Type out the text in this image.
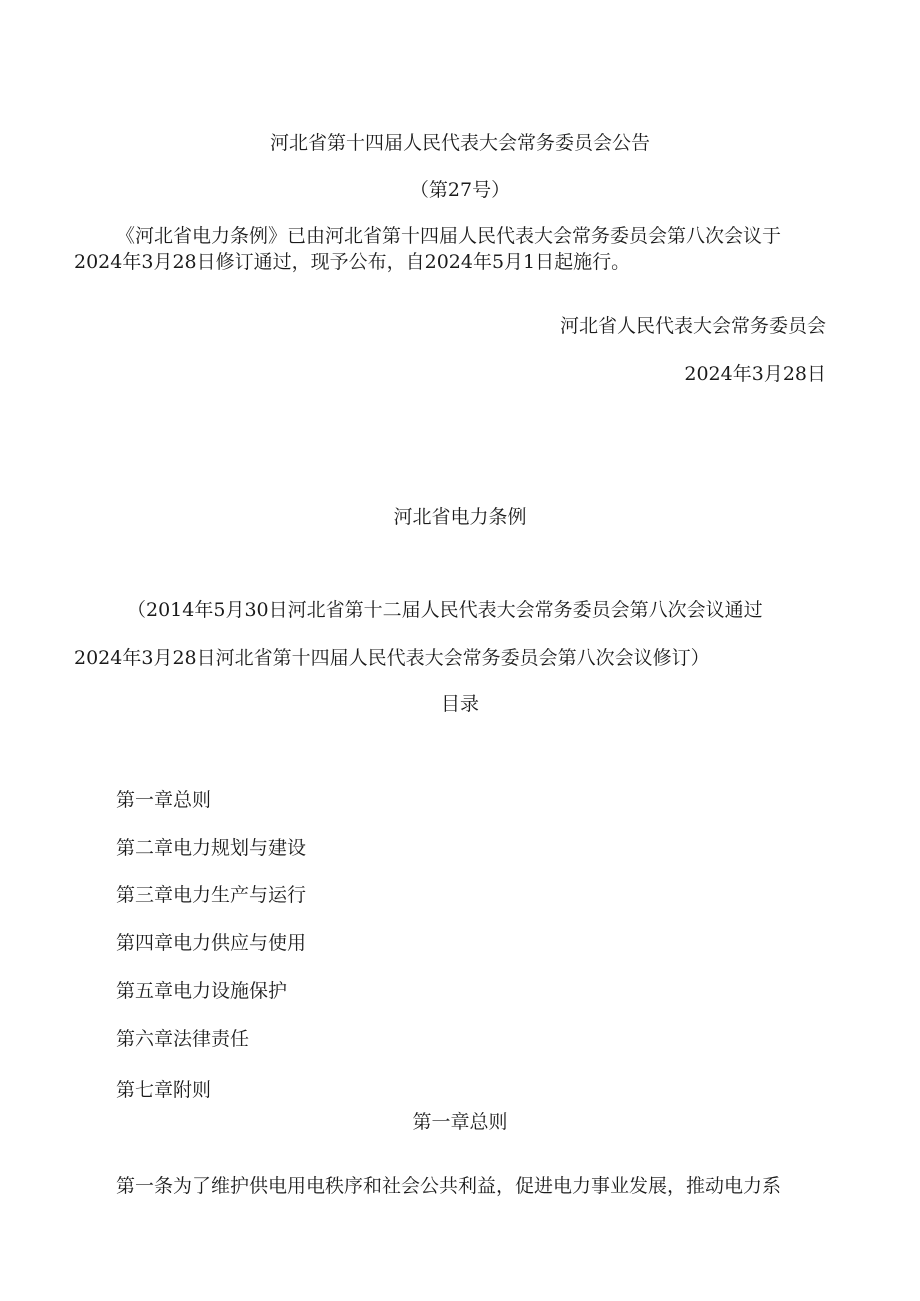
河北省第十四届人民代表大会常务委员会公告
（第27号）
《河北省电力条例》已由河北省第十四届人民代表大会常务委员会第八次会议于
2024年3月28日修订通过，现予公布，自2024年5月1日起施行。
河北省人民代表大会常务委员会
2024年3月28日
河北省电力条例
（2014年5月30日河北省第十二届人民代表大会常务委员会第八次会议通过
2024年3月28日河北省第十四届人民代表大会常务委员会第八次会议修订）
目录
第一章总则
第二章电力规划与建设
第三章电力生产与运行
第四章电力供应与使用
第五章电力设施保护
第六章法律责任
第七章附则
第一章总则
第一条为了维护供电用电秩序和社会公共利益，促进电力事业发展，推动电力系
